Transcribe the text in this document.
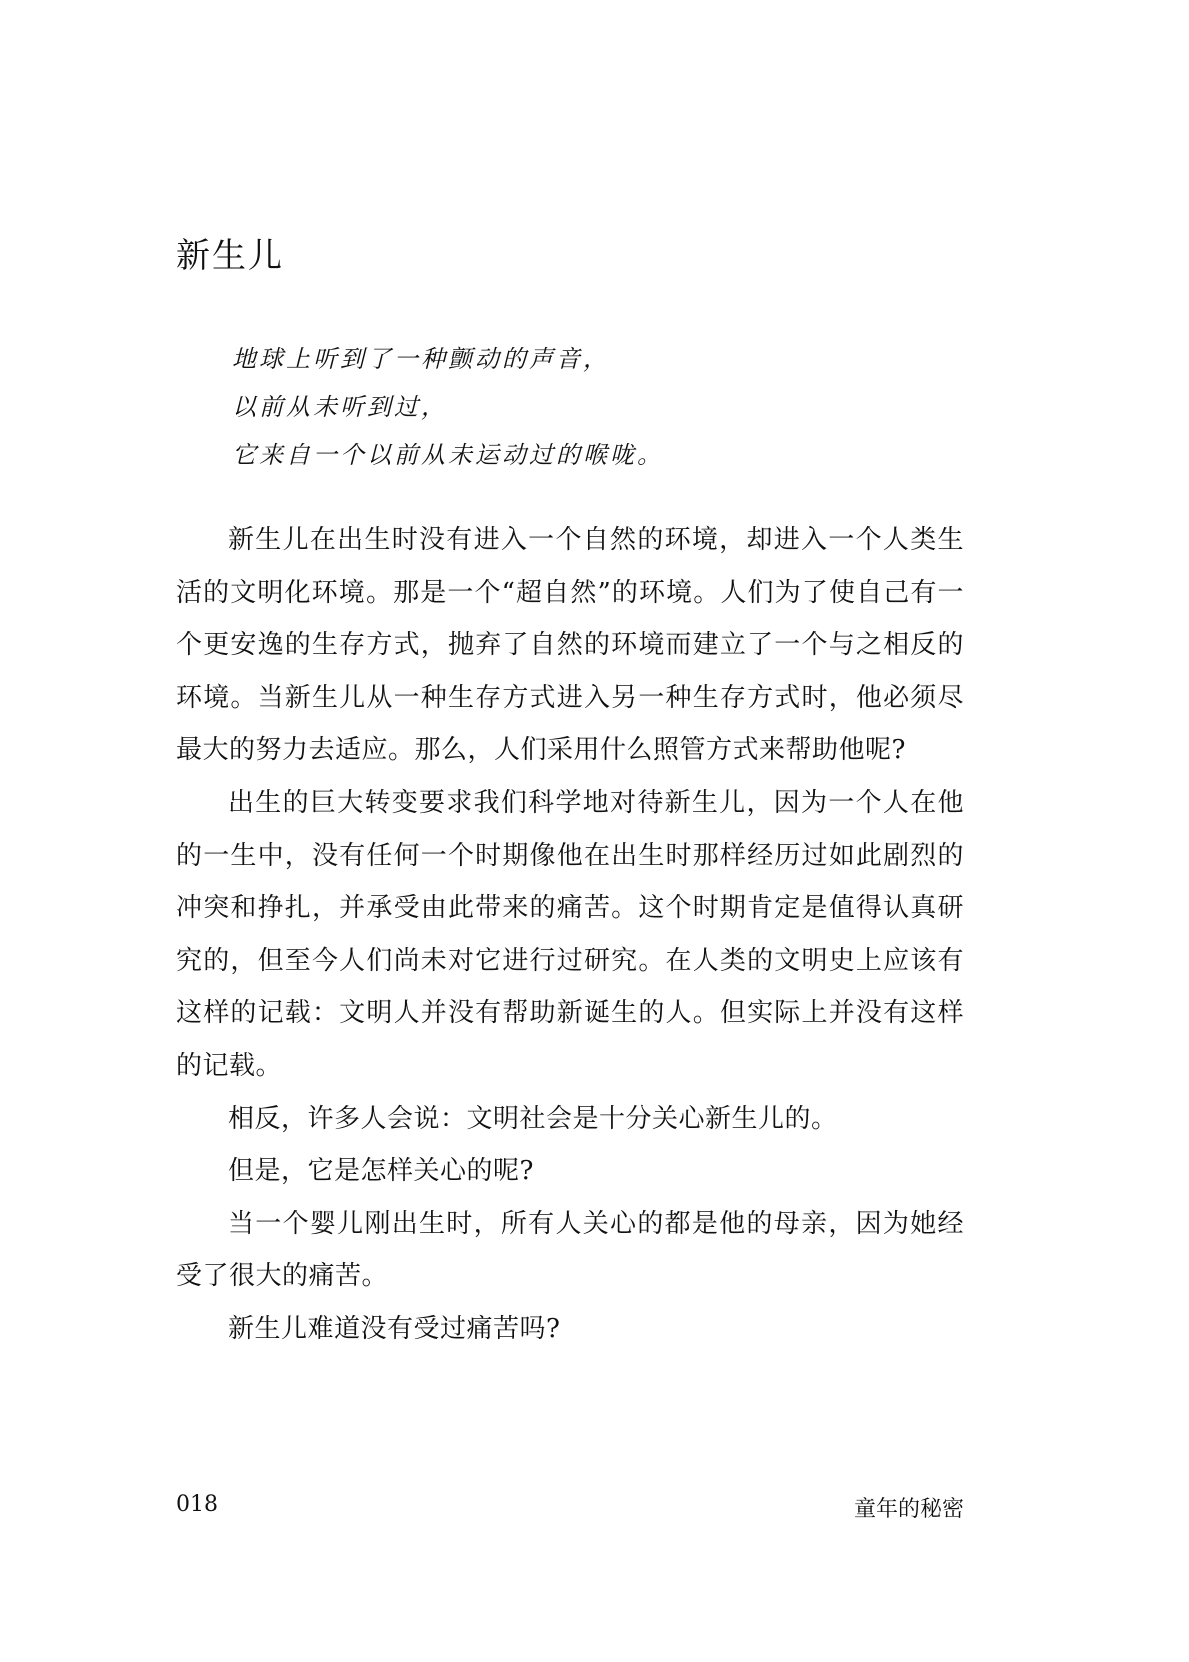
新生儿
地球上听到了一种颤动的声音，
以前从未听到过，
它来自一个以前从未运动过的喉咙。

新生儿在出生时没有进入一个自然的环境，却进入一个人类生活的文明化环境。那是一个“超自然”的环境。人们为了使自己有一个更安逸的生存方式，抛弃了自然的环境而建立了一个与之相反的环境。当新生儿从一种生存方式进入另一种生存方式时，他必须尽最大的努力去适应。那么，人们采用什么照管方式来帮助他呢?

出生的巨大转变要求我们科学地对待新生儿，因为一个人在他的一生中，没有任何一个时期像他在出生时那样经历过如此剧烈的冲突和挣扎，并承受由此带来的痛苦。这个时期肯定是值得认真研究的，但至今人们尚未对它进行过研究。在人类的文明史上应该有这样的记载：文明人并没有帮助新诞生的人。但实际上并没有这样的记载。

相反，许多人会说：文明社会是十分关心新生儿的。

但是，它是怎样关心的呢?

当一个婴儿刚出生时，所有人关心的都是他的母亲，因为她经受了很大的痛苦。

新生儿难道没有受过痛苦吗?

018	童年的秘密
